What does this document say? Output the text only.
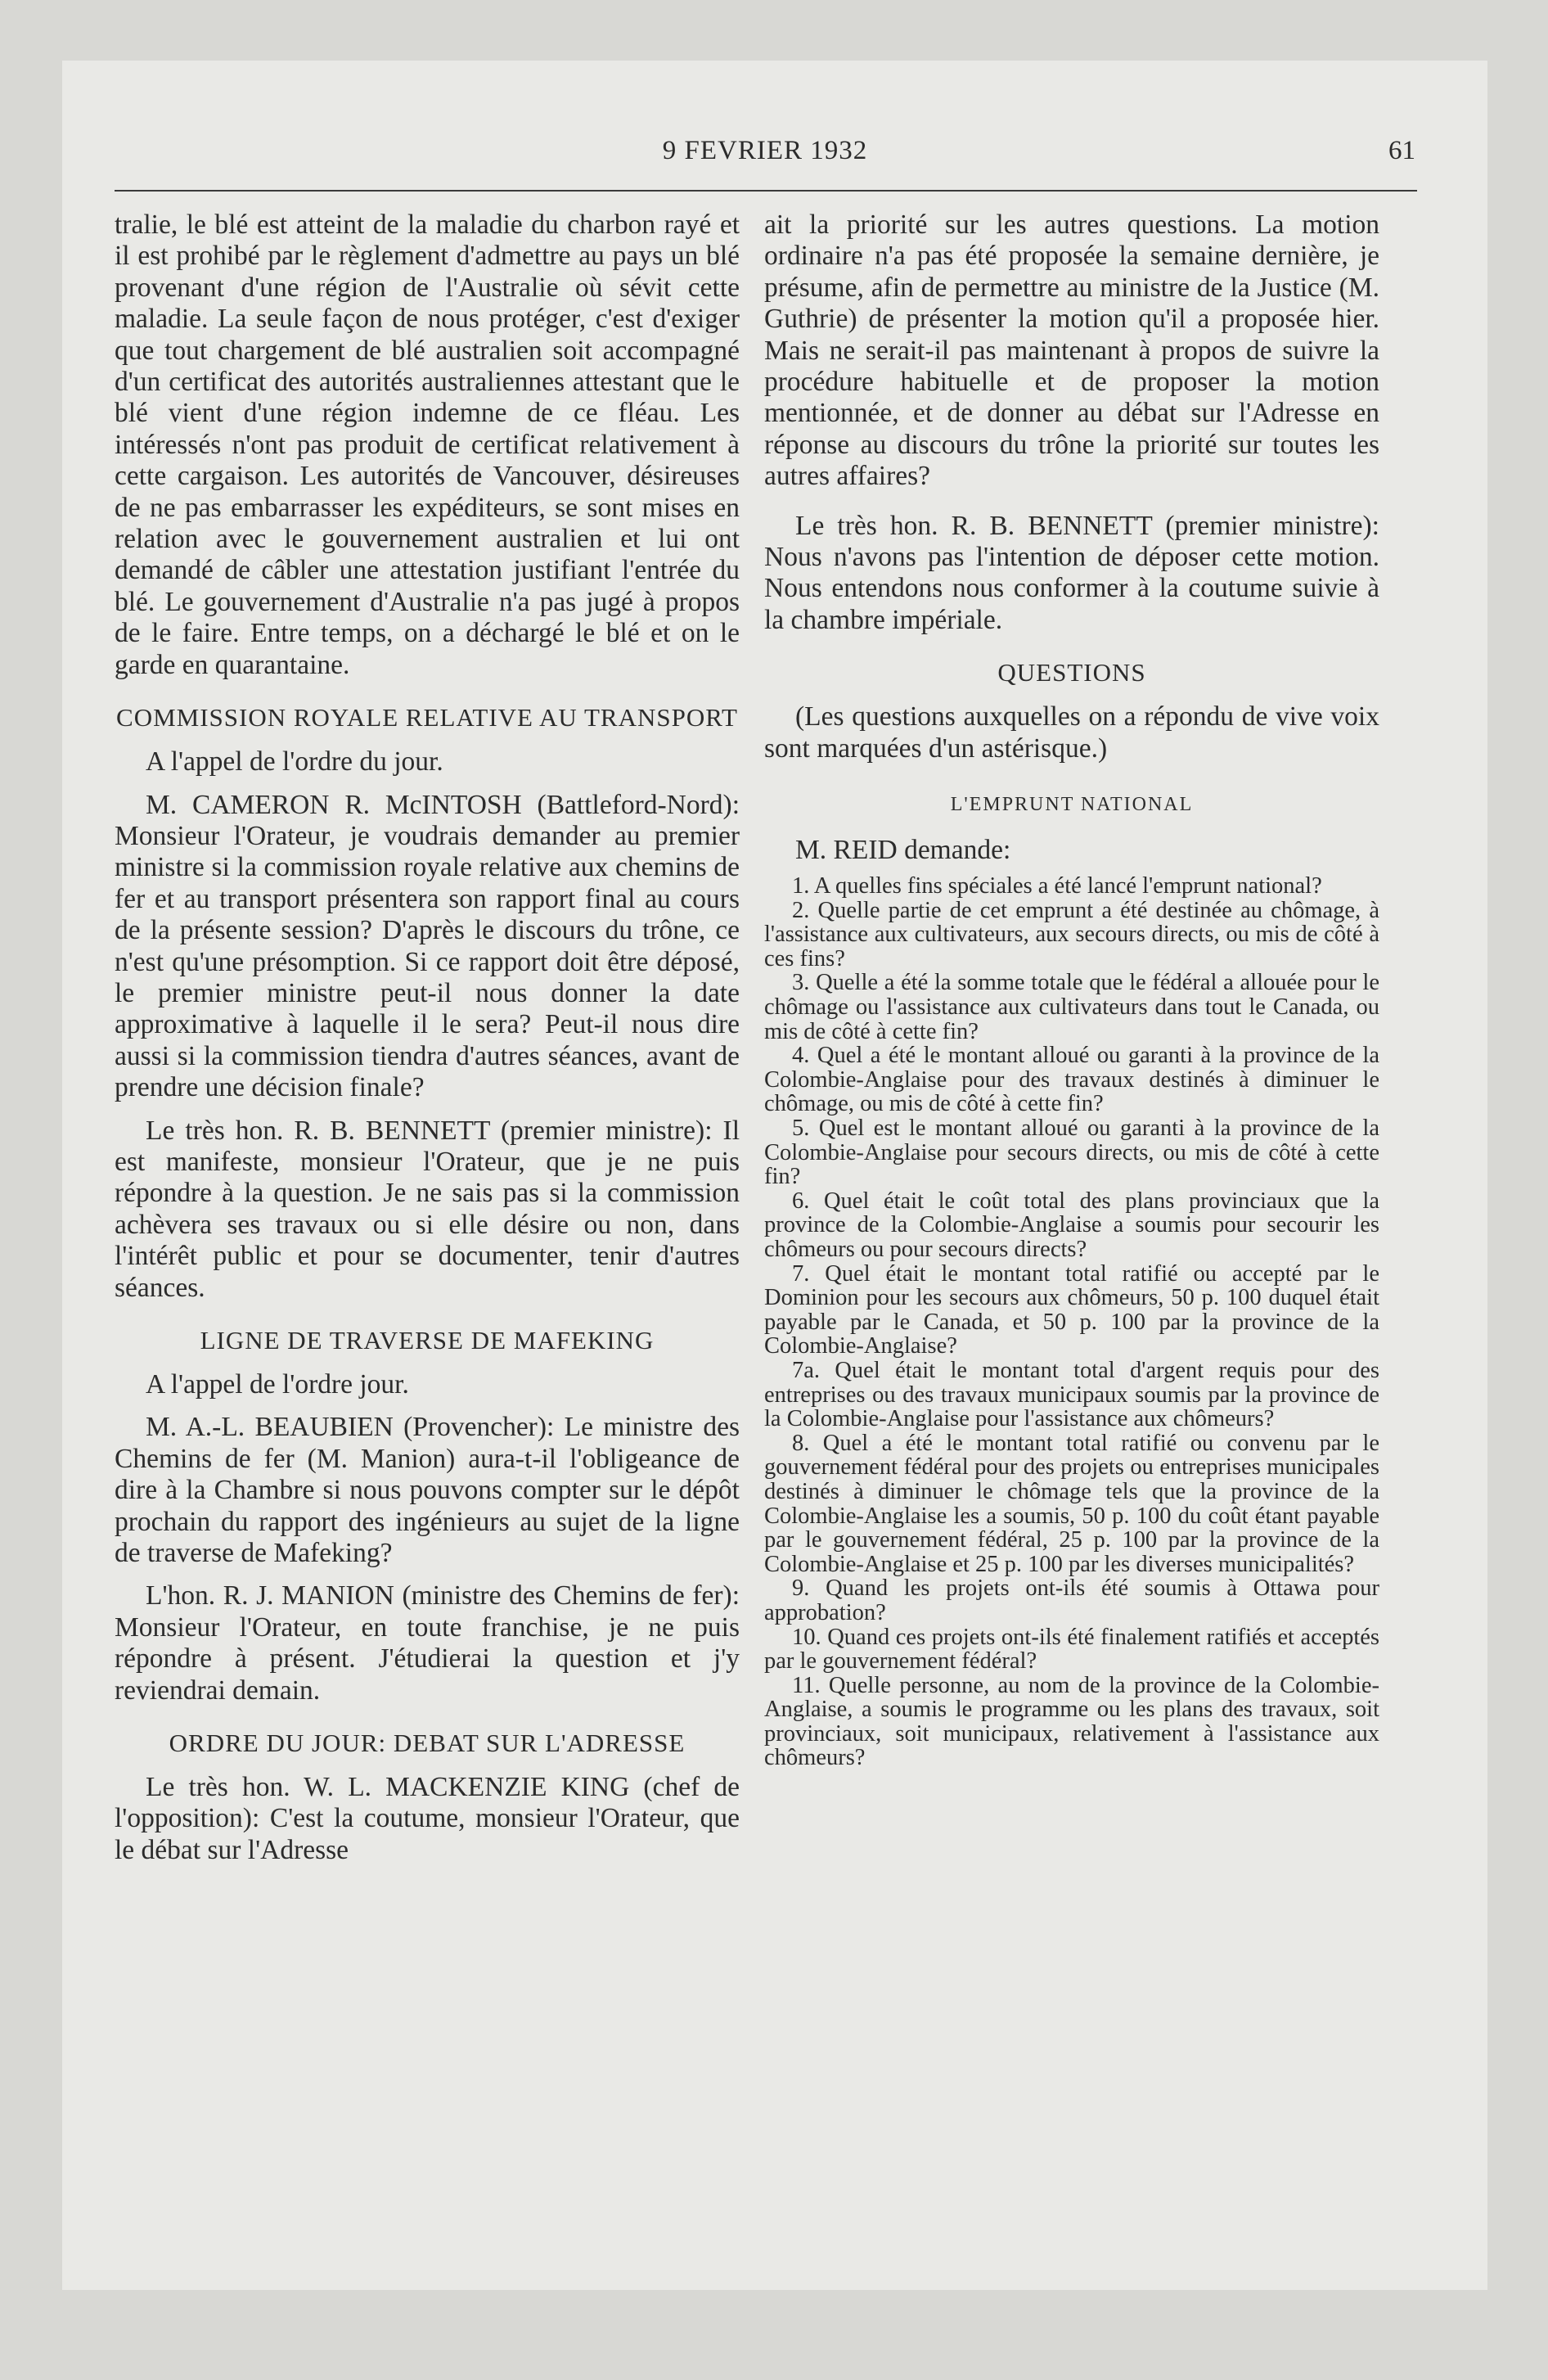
9 FEVRIER 1932	61

tralie, le blé est atteint de la maladie du charbon rayé et il est prohibé par le règlement d'admettre au pays un blé provenant d'une région de l'Australie où sévit cette maladie. La seule façon de nous protéger, c'est d'exiger que tout chargement de blé australien soit accompagné d'un certificat des autorités australiennes attestant que le blé vient d'une région indemne de ce fléau. Les intéressés n'ont pas produit de certificat relativement à cette cargaison. Les autorités de Vancouver, désireuses de ne pas embarrasser les expéditeurs, se sont mises en relation avec le gouvernement australien et lui ont demandé de câbler une attestation justifiant l'entrée du blé. Le gouvernement d'Australie n'a pas jugé à propos de le faire. Entre temps, on a déchargé le blé et on le garde en quarantaine.

COMMISSION ROYALE RELATIVE AU TRANSPORT

A l'appel de l'ordre du jour.

M. CAMERON R. McINTOSH (Battleford-Nord): Monsieur l'Orateur, je voudrais demander au premier ministre si la commission royale relative aux chemins de fer et au transport présentera son rapport final au cours de la présente session? D'après le discours du trône, ce n'est qu'une présomption. Si ce rapport doit être déposé, le premier ministre peut-il nous donner la date approximative à laquelle il le sera? Peut-il nous dire aussi si la commission tiendra d'autres séances, avant de prendre une décision finale?

Le très hon. R. B. BENNETT (premier ministre): Il est manifeste, monsieur l'Orateur, que je ne puis répondre à la question. Je ne sais pas si la commission achèvera ses travaux ou si elle désire ou non, dans l'intérêt public et pour se documenter, tenir d'autres séances.

LIGNE DE TRAVERSE DE MAFEKING

A l'appel de l'ordre jour.

M. A.-L. BEAUBIEN (Provencher): Le ministre des Chemins de fer (M. Manion) aura-t-il l'obligeance de dire à la Chambre si nous pouvons compter sur le dépôt prochain du rapport des ingénieurs au sujet de la ligne de traverse de Mafeking?

L'hon. R. J. MANION (ministre des Chemins de fer): Monsieur l'Orateur, en toute franchise, je ne puis répondre à présent. J'étudierai la question et j'y reviendrai demain.

ORDRE DU JOUR: DEBAT SUR L'ADRESSE

Le très hon. W. L. MACKENZIE KING (chef de l'opposition): C'est la coutume, monsieur l'Orateur, que le débat sur l'Adresse

ait la priorité sur les autres questions. La motion ordinaire n'a pas été proposée la semaine dernière, je présume, afin de permettre au ministre de la Justice (M. Guthrie) de présenter la motion qu'il a proposée hier. Mais ne serait-il pas maintenant à propos de suivre la procédure habituelle et de proposer la motion mentionnée, et de donner au débat sur l'Adresse en réponse au discours du trône la priorité sur toutes les autres affaires?

Le très hon. R. B. BENNETT (premier ministre): Nous n'avons pas l'intention de déposer cette motion. Nous entendons nous conformer à la coutume suivie à la chambre impériale.

QUESTIONS

(Les questions auxquelles on a répondu de vive voix sont marquées d'un astérisque.)

L'EMPRUNT NATIONAL
M. REID demande:

1. A quelles fins spéciales a été lancé l'emprunt national?

2. Quelle partie de cet emprunt a été destinée au chômage, à l'assistance aux cultivateurs, aux secours directs, ou mis de côté à ces fins?

3. Quelle a été la somme totale que le fédéral a allouée pour le chômage ou l'assistance aux cultivateurs dans tout le Canada, ou mis de côté à cette fin?

4. Quel a été le montant alloué ou garanti à la province de la Colombie-Anglaise pour des travaux destinés à diminuer le chômage, ou mis de côté à cette fin?

5. Quel est le montant alloué ou garanti à la province de la Colombie-Anglaise pour secours directs, ou mis de côté à cette fin?

6. Quel était le coût total des plans provinciaux que la province de la Colombie-Anglaise a soumis pour secourir les chômeurs ou pour secours directs?

7. Quel était le montant total ratifié ou accepté par le Dominion pour les secours aux chômeurs, 50 p. 100 duquel était payable par le Canada, et 50 p. 100 par la province de la Colombie-Anglaise?

7a. Quel était le montant total d'argent requis pour des entreprises ou des travaux municipaux soumis par la province de la Colombie-Anglaise pour l'assistance aux chômeurs?

8. Quel a été le montant total ratifié ou convenu par le gouvernement fédéral pour des projets ou entreprises municipales destinés à diminuer le chômage tels que la province de la Colombie-Anglaise les a soumis, 50 p. 100 du coût étant payable par le gouvernement fédéral, 25 p. 100 par la province de la Colombie-Anglaise et 25 p. 100 par les diverses municipalités?

9. Quand les projets ont-ils été soumis à Ottawa pour approbation?

10. Quand ces projets ont-ils été finalement ratifiés et acceptés par le gouvernement fédéral?

11. Quelle personne, au nom de la province de la Colombie-Anglaise, a soumis le programme ou les plans des travaux, soit provinciaux, soit municipaux, relativement à l'assistance aux chômeurs?
